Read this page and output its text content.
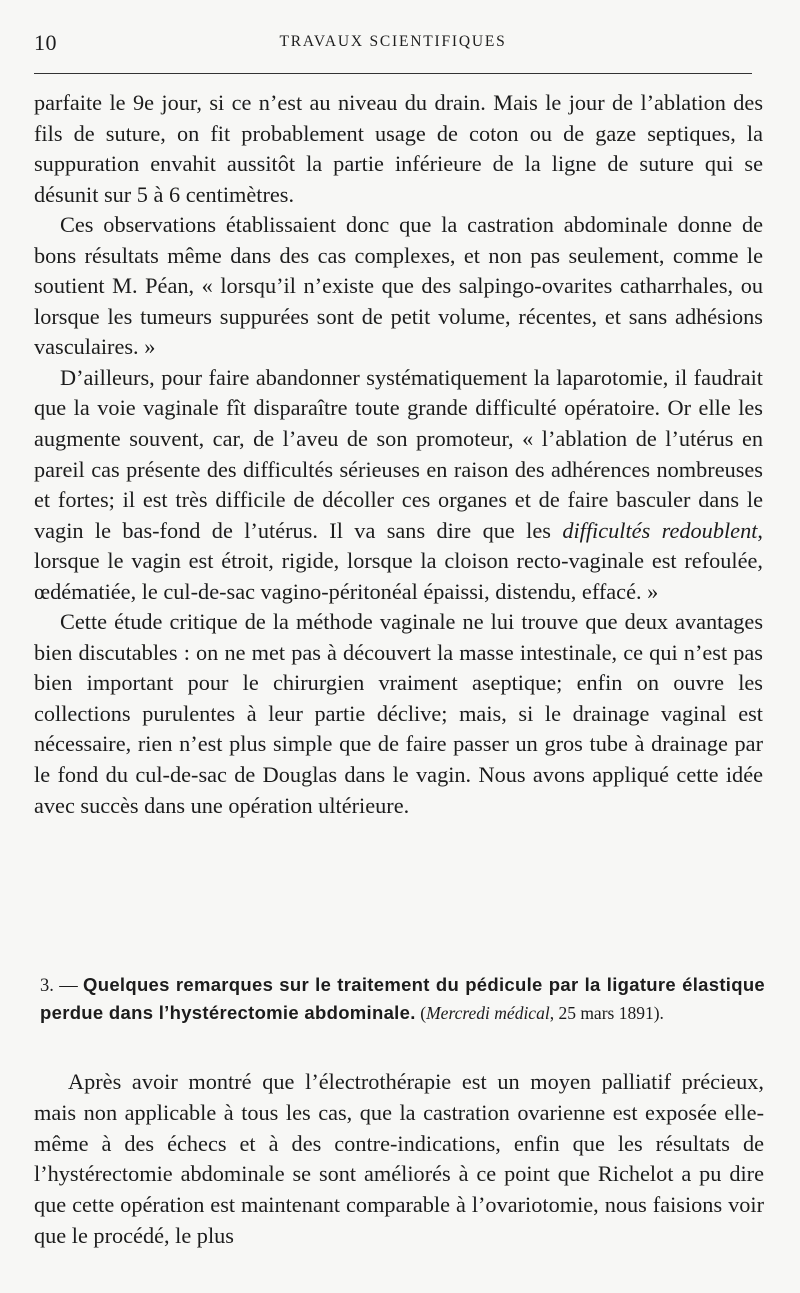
10	TRAVAUX SCIENTIFIQUES

parfaite le 9e jour, si ce n’est au niveau du drain. Mais le jour de l’ablation des fils de suture, on fit probablement usage de coton ou de gaze septiques, la suppuration envahit aussitôt la partie inférieure de la ligne de suture qui se désunit sur 5 à 6 centimètres.

Ces observations établissaient donc que la castration abdominale donne de bons résultats même dans des cas complexes, et non pas seulement, comme le soutient M. Péan, « lorsqu’il n’existe que des salpingo-ovarites catharrhales, ou lorsque les tumeurs suppurées sont de petit volume, récentes, et sans adhésions vasculaires. »

D’ailleurs, pour faire abandonner systématiquement la laparotomie, il faudrait que la voie vaginale fît disparaître toute grande difficulté opératoire. Or elle les augmente souvent, car, de l’aveu de son promoteur, « l’ablation de l’utérus en pareil cas présente des difficultés sérieuses en raison des adhérences nombreuses et fortes; il est très difficile de décoller ces organes et de faire basculer dans le vagin le bas-fond de l’utérus. Il va sans dire que les difficultés redoublent, lorsque le vagin est étroit, rigide, lorsque la cloison recto-vaginale est refoulée, œdématiée, le cul-de-sac vagino-péritonéal épaissi, distendu, effacé. »

Cette étude critique de la méthode vaginale ne lui trouve que deux avantages bien discutables : on ne met pas à découvert la masse intestinale, ce qui n’est pas bien important pour le chirurgien vraiment aseptique; enfin on ouvre les collections purulentes à leur partie déclive; mais, si le drainage vaginal est nécessaire, rien n’est plus simple que de faire passer un gros tube à drainage par le fond du cul-de-sac de Douglas dans le vagin. Nous avons appliqué cette idée avec succès dans une opération ultérieure.

3. — Quelques remarques sur le traitement du pédicule par la ligature élastique perdue dans l’hystérectomie abdominale. (Mercredi médical, 25 mars 1891).

Après avoir montré que l’électrothérapie est un moyen palliatif précieux, mais non applicable à tous les cas, que la castration ovarienne est exposée elle-même à des échecs et à des contre-indications, enfin que les résultats de l’hystérectomie abdominale se sont améliorés à ce point que Richelot a pu dire que cette opération est maintenant comparable à l’ovariotomie, nous faisions voir que le procédé, le plus
